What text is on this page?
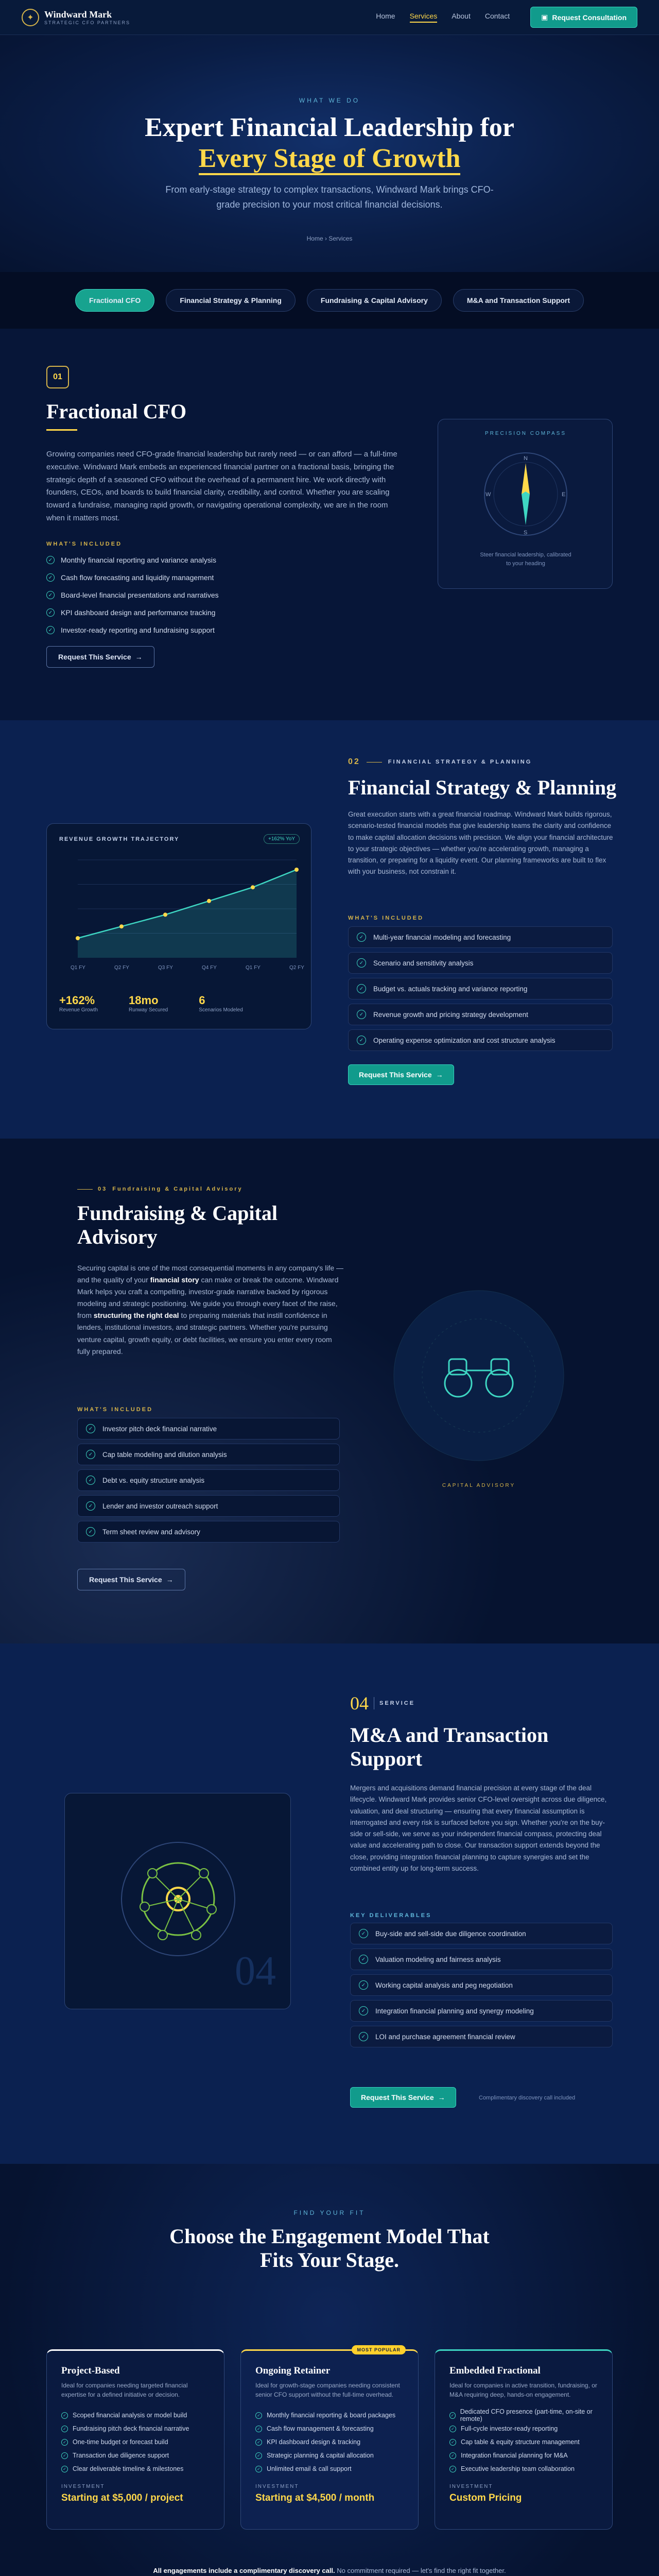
✦	Windward Mark
STRATEGIC CFO PARTNERS
Home Services About Contact	▣ Request Consultation
WHAT WE DO
Expert Financial Leadership for
Every Stage of Growth

From early-stage strategy to complex transactions, Windward Mark brings CFO-grade precision to your most critical financial decisions.

Home › Services
Fractional CFO	Financial Strategy & Planning	Fundraising & Capital Advisory	M&A and Transaction Support
01
Fractional CFO

Growing companies need CFO-grade financial leadership but rarely need — or can afford — a full-time executive. Windward Mark embeds an experienced financial partner on a fractional basis, bringing the strategic depth of a seasoned CFO without the overhead of a permanent hire. We work directly with founders, CEOs, and boards to build financial clarity, credibility, and control. Whether you are scaling toward a fundraise, managing rapid growth, or navigating operational complexity, we are in the room when it matters most.

WHAT'S INCLUDED
✓ Monthly financial reporting and variance analysis
✓ Cash flow forecasting and liquidity management
✓ Board-level financial presentations and narratives
✓ KPI dashboard design and performance tracking
✓ Investor-ready reporting and fundraising support
Request This Service →
PRECISION COMPASS
N
S
E
W
Steer financial leadership, calibrated to your heading
REVENUE GROWTH TRAJECTORY	+162% YoY
Q1 FY	Q2 FY	Q3 FY	Q4 FY	Q1 FY	Q2 FY
+162%
Revenue Growth
18mo
Runway Secured
6
Scenarios Modeled
02	FINANCIAL STRATEGY & PLANNING
Financial Strategy & Planning

Great execution starts with a great financial roadmap. Windward Mark builds rigorous, scenario-tested financial models that give leadership teams the clarity and confidence to make capital allocation decisions with precision. We align your financial architecture to your strategic objectives — whether you're accelerating growth, managing a transition, or preparing for a liquidity event. Our planning frameworks are built to flex with your business, not constrain it.

WHAT'S INCLUDED
✓	Multi-year financial modeling and forecasting
✓	Scenario and sensitivity analysis
✓	Budget vs. actuals tracking and variance reporting
✓	Revenue growth and pricing strategy development
✓	Operating expense optimization and cost structure analysis
Request This Service →
03 Fundraising & Capital Advisory
Fundraising & Capital Advisory

Securing capital is one of the most consequential moments in any company's life — and the quality of your financial story can make or break the outcome. Windward Mark helps you craft a compelling, investor-grade narrative backed by rigorous modeling and strategic positioning. We guide you through every facet of the raise, from structuring the right deal to preparing materials that instill confidence in lenders, institutional investors, and strategic partners. Whether you're pursuing venture capital, growth equity, or debt facilities, we ensure you enter every room fully prepared.

WHAT'S INCLUDED
✓	Investor pitch deck financial narrative
✓	Cap table modeling and dilution analysis
✓	Debt vs. equity structure analysis
✓	Lender and investor outreach support
✓	Term sheet review and advisory
Request This Service →
CAPITAL ADVISORY
04
04 SERVICE
M&A and Transaction Support

Mergers and acquisitions demand financial precision at every stage of the deal lifecycle. Windward Mark provides senior CFO-level oversight across due diligence, valuation, and deal structuring — ensuring that every financial assumption is interrogated and every risk is surfaced before you sign. Whether you're on the buy-side or sell-side, we serve as your independent financial compass, protecting deal value and accelerating path to close. Our transaction support extends beyond the close, providing integration financial planning to capture synergies and set the combined entity up for long-term success.

KEY DELIVERABLES
✓	Buy-side and sell-side due diligence coordination
✓	Valuation modeling and fairness analysis
✓	Working capital analysis and peg negotiation
✓	Integration financial planning and synergy modeling
✓	LOI and purchase agreement financial review
Request This Service →	Complimentary discovery call included
FIND YOUR FIT
Choose the Engagement Model That
Fits Your Stage.
Project-Based
Ideal for companies needing targeted financial expertise for a defined initiative or decision.
✓ Scoped financial analysis or model build
✓ Fundraising pitch deck financial narrative
✓ One-time budget or forecast build
✓ Transaction due diligence support
✓ Clear deliverable timeline & milestones
INVESTMENT
Starting at $5,000 / project
MOST POPULAR
Ongoing Retainer
Ideal for growth-stage companies needing consistent senior CFO support without the full-time overhead.
✓ Monthly financial reporting & board packages
✓ Cash flow management & forecasting
✓ KPI dashboard design & tracking
✓ Strategic planning & capital allocation
✓ Unlimited email & call support
INVESTMENT
Starting at $4,500 / month
Embedded Fractional
Ideal for companies in active transition, fundraising, or M&A requiring deep, hands-on engagement.
✓ Dedicated CFO presence (part-time, on-site or remote)
✓ Full-cycle investor-ready reporting
✓ Cap table & equity structure management
✓ Integration financial planning for M&A
✓ Executive leadership team collaboration
INVESTMENT
Custom Pricing
All engagements include a complimentary discovery call. No commitment required — let's find the right fit together.
